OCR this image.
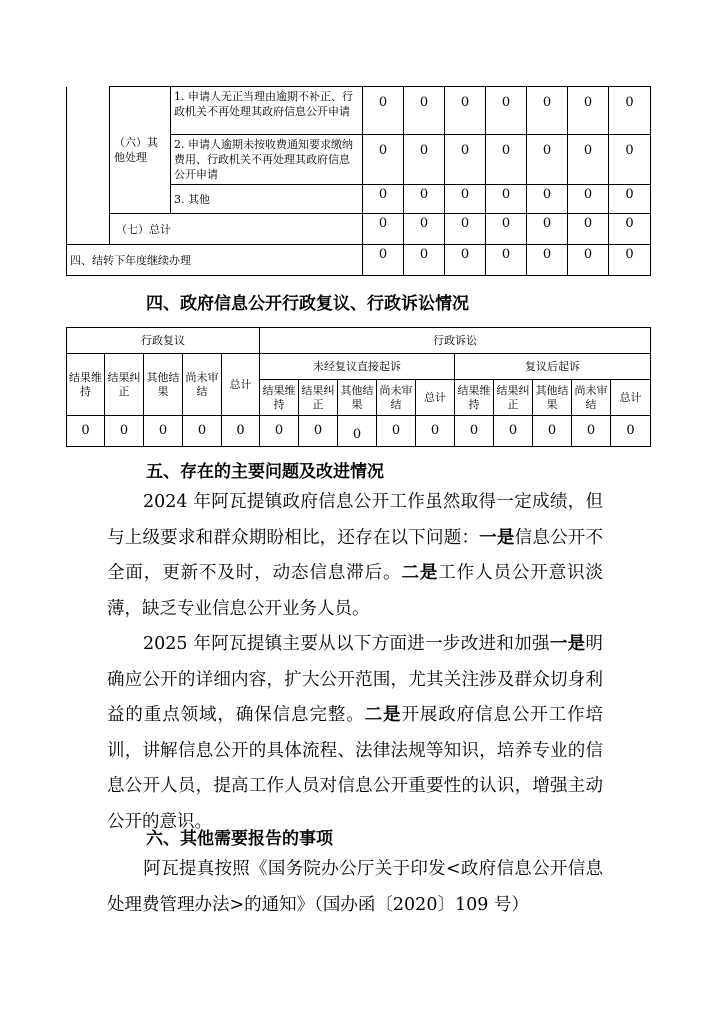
	（六）其他处理	1. 申请人无正当理由逾期不补正、行政机关不再处理其政府信息公开申请	0	0	0	0	0	0	0
		2. 申请人逾期未按收费通知要求缴纳费用、行政机关不再处理其政府信息公开申请	0	0	0	0	0	0	0
		3. 其他	0	0	0	0	0	0	0
	（七）总计		0	0	0	0	0	0	0
四、结转下年度继续办理			0	0	0	0	0	0	0
四、政府信息公开行政复议、行政诉讼情况
行政复议					行政诉讼									
结果维持	结果纠正	其他结果	尚未审结	总计	未经复议直接起诉					复议后起诉				
					结果维持	结果纠正	其他结果	尚未审结	总计	结果维持	结果纠正	其他结果	尚未审结	总计
0	0	0	0	0	0	0	0	0	0	0	0	0	0	0
五、存在的主要问题及改进情况
2024 年阿瓦提镇政府信息公开工作虽然取得一定成绩，但与上级要求和群众期盼相比，还存在以下问题：一是信息公开不全面，更新不及时，动态信息滞后。二是工作人员公开意识淡薄，缺乏专业信息公开业务人员。
2025 年阿瓦提镇主要从以下方面进一步改进和加强一是明确应公开的详细内容，扩大公开范围，尤其关注涉及群众切身利益的重点领域，确保信息完整。二是开展政府信息公开工作培训，讲解信息公开的具体流程、法律法规等知识，培养专业的信息公开人员，提高工作人员对信息公开重要性的认识，增强主动公开的意识。
六、其他需要报告的事项
阿瓦提真按照《国务院办公厅关于印发<政府信息公开信息处理费管理办法>的通知》（国办函〔2020〕109 号）
